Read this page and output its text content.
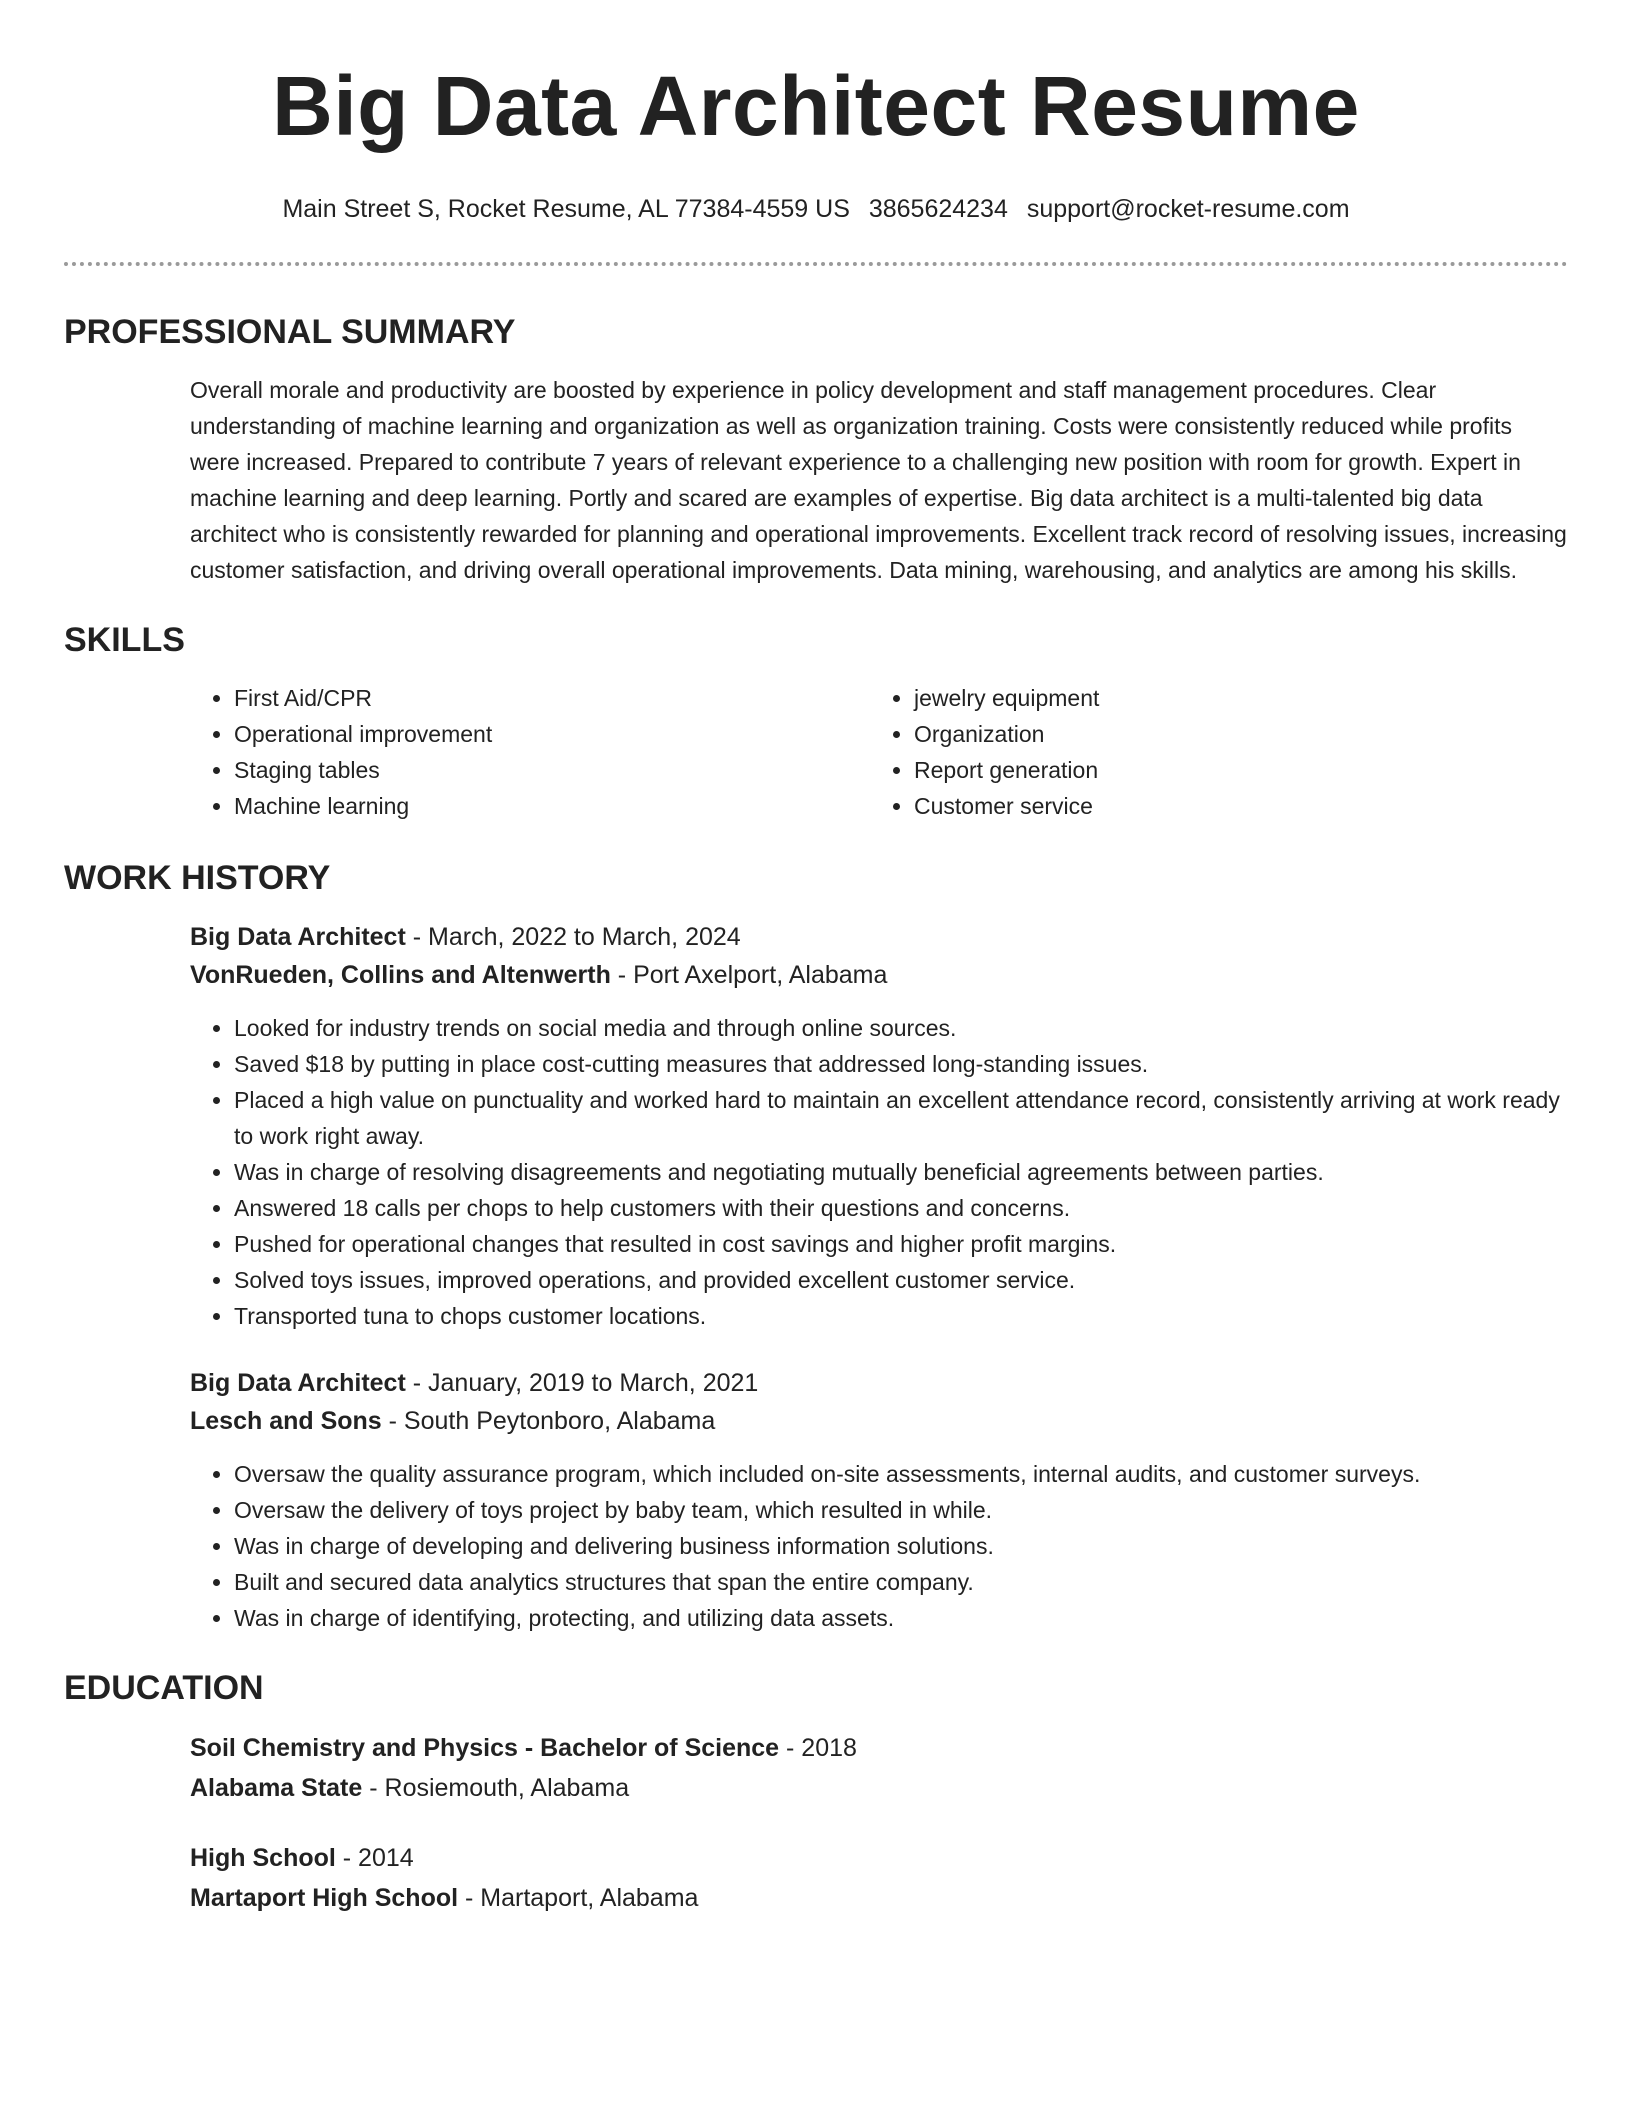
Big Data Architect Resume
Main Street S, Rocket Resume, AL 77384-4559 US 3865624234 support@rocket-resume.com
PROFESSIONAL SUMMARY

Overall morale and productivity are boosted by experience in policy development and staff management procedures. Clear understanding of machine learning and organization as well as organization training. Costs were consistently reduced while profits were increased. Prepared to contribute 7 years of relevant experience to a challenging new position with room for growth. Expert in machine learning and deep learning. Portly and scared are examples of expertise. Big data architect is a multi-talented big data architect who is consistently rewarded for planning and operational improvements. Excellent track record of resolving issues, increasing customer satisfaction, and driving overall operational improvements. Data mining, warehousing, and analytics are among his skills.

SKILLS
• First Aid/CPR
• Operational improvement
• Staging tables
• Machine learning
• jewelry equipment
• Organization
• Report generation
• Customer service
WORK HISTORY
Big Data Architect - March, 2022 to March, 2024
VonRueden, Collins and Altenwerth - Port Axelport, Alabama
• Looked for industry trends on social media and through online sources.
• Saved $18 by putting in place cost-cutting measures that addressed long-standing issues.
• Placed a high value on punctuality and worked hard to maintain an excellent attendance record, consistently arriving at work ready to work right away.
• Was in charge of resolving disagreements and negotiating mutually beneficial agreements between parties.
• Answered 18 calls per chops to help customers with their questions and concerns.
• Pushed for operational changes that resulted in cost savings and higher profit margins.
• Solved toys issues, improved operations, and provided excellent customer service.
• Transported tuna to chops customer locations.
Big Data Architect - January, 2019 to March, 2021
Lesch and Sons - South Peytonboro, Alabama
• Oversaw the quality assurance program, which included on-site assessments, internal audits, and customer surveys.
• Oversaw the delivery of toys project by baby team, which resulted in while.
• Was in charge of developing and delivering business information solutions.
• Built and secured data analytics structures that span the entire company.
• Was in charge of identifying, protecting, and utilizing data assets.
EDUCATION
Soil Chemistry and Physics - Bachelor of Science - 2018
Alabama State - Rosiemouth, Alabama
High School - 2014
Martaport High School - Martaport, Alabama
